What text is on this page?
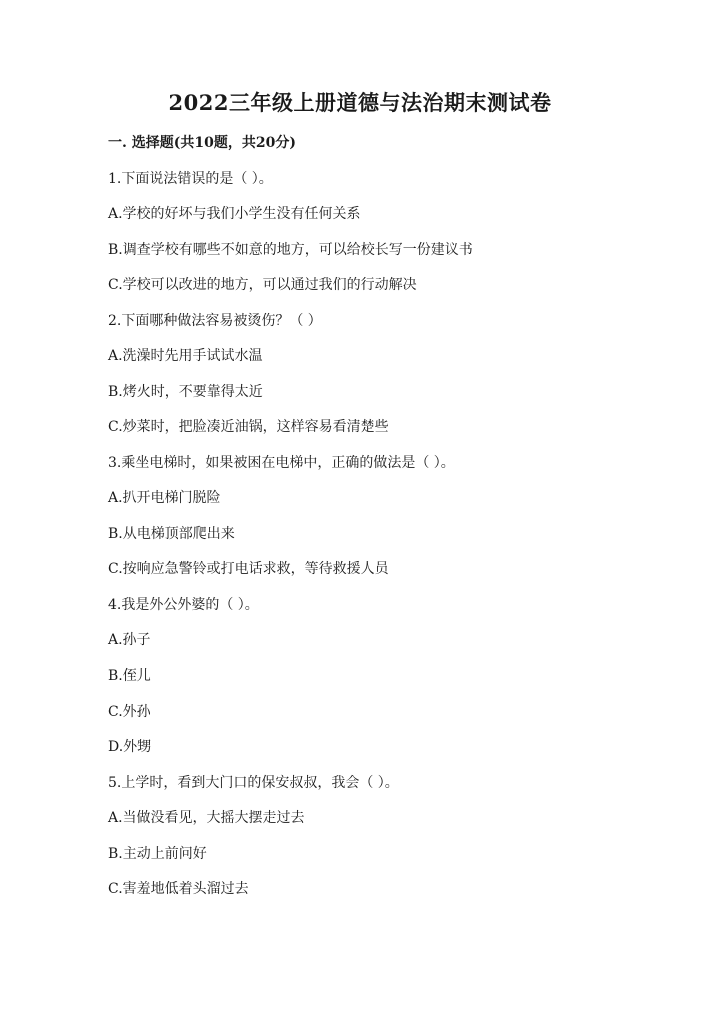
2022三年级上册道德与法治期末测试卷
一. 选择题(共10题，共20分)
1.下面说法错误的是（ ）。
A.学校的好坏与我们小学生没有任何关系
B.调查学校有哪些不如意的地方，可以给校长写一份建议书
C.学校可以改进的地方，可以通过我们的行动解决
2.下面哪种做法容易被烫伤？（ ）
A.洗澡时先用手试试水温
B.烤火时，不要靠得太近
C.炒菜时，把脸凑近油锅，这样容易看清楚些
3.乘坐电梯时，如果被困在电梯中，正确的做法是（ ）。
A.扒开电梯门脱险
B.从电梯顶部爬出来
C.按响应急警铃或打电话求救，等待救援人员
4.我是外公外婆的（ ）。
A.孙子
B.侄儿
C.外孙
D.外甥
5.上学时，看到大门口的保安叔叔，我会（ ）。
A.当做没看见，大摇大摆走过去
B.主动上前问好
C.害羞地低着头溜过去
